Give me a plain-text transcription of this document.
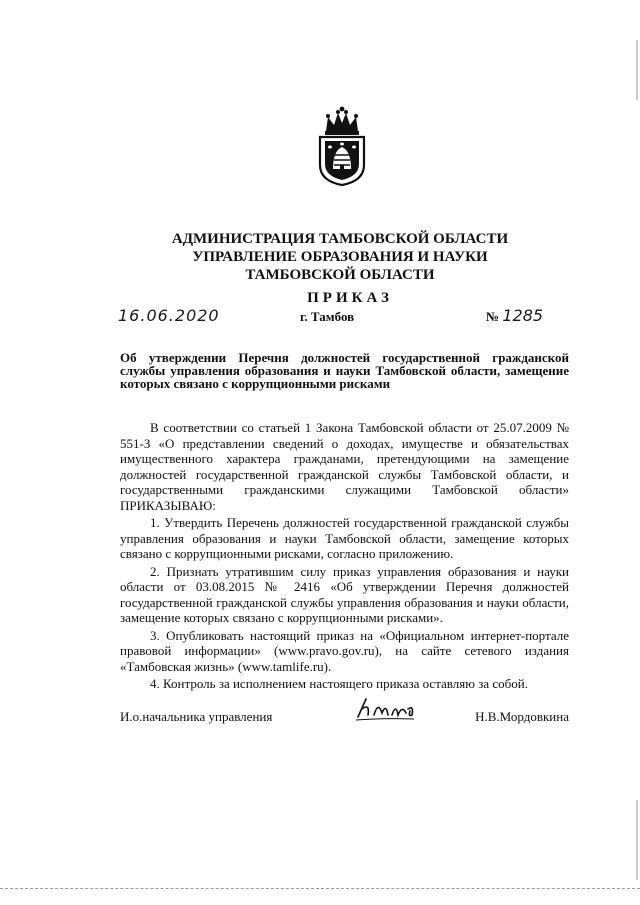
АДМИНИСТРАЦИЯ ТАМБОВСКОЙ ОБЛАСТИ
УПРАВЛЕНИЕ ОБРАЗОВАНИЯ И НАУКИ
ТАМБОВСКОЙ ОБЛАСТИ
ПРИКАЗ
16.06.2020	г. Тамбов	№ 1285
Об утверждении Перечня должностей государственной гражданской службы управления образования и науки Тамбовской области, замещение которых связано с коррупционными рисками

В соответствии со статьей 1 Закона Тамбовской области от 25.07.2009 № 551-З «О представлении сведений о доходах, имуществе и обязательствах имущественного характера гражданами, претендующими на замещение должностей государственной гражданской службы Тамбовской области, и государственными гражданскими служащими Тамбовской области» ПРИКАЗЫВАЮ:

1. Утвердить Перечень должностей государственной гражданской службы управления образования и науки Тамбовской области, замещение которых связано с коррупционными рисками, согласно приложению.

2. Признать утратившим силу приказ управления образования и науки области от 03.08.2015 № 2416 «Об утверждении Перечня должностей государственной гражданской службы управления образования и науки области, замещение которых связано с коррупционными рисками».

3. Опубликовать настоящий приказ на «Официальном интернет-портале правовой информации» (www.pravo.gov.ru), на сайте сетевого издания «Тамбовская жизнь» (www.tamlife.ru).

4. Контроль за исполнением настоящего приказа оставляю за собой.

И.о.начальника управления	Н.В.Мордовкина
